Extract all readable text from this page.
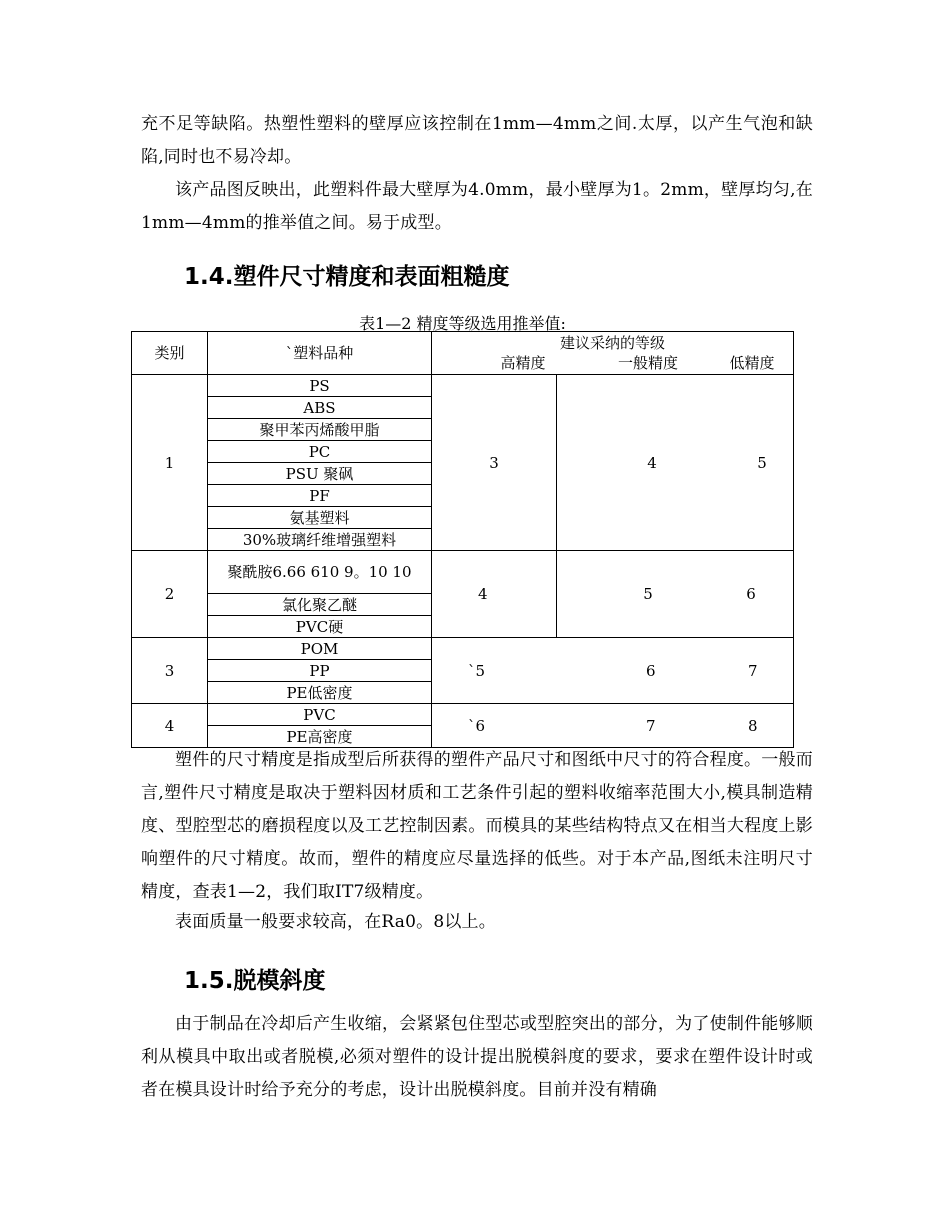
充不足等缺陷。热塑性塑料的壁厚应该控制在1mm—4mm之间.太厚，以产生气泡和缺陷,同时也不易冷却。

该产品图反映出，此塑料件最大壁厚为4.0mm，最小壁厚为1。2mm，壁厚均匀,在1mm—4mm的推举值之间。易于成型。

1.4.塑件尺寸精度和表面粗糙度

表1—2 精度等级选用推举值:

类别	`塑料品种	建议采纳的等级
高精度 一般精度 低精度	

1	PS	3	4 5

	ABS		
	聚甲苯丙烯酸甲脂		
	PC		
	PSU 聚砜		
	PF		
	氨基塑料		
	30%玻璃纤维增强塑料		
2	聚酰胺6.66 610 9。10 10	4	5 6

	氯化聚乙醚		
	PVC硬		
3	POM	`5 6 7	

	PP		
	PE低密度		
4	PVC	`6 7 8	

	PE高密度		

塑件的尺寸精度是指成型后所获得的塑件产品尺寸和图纸中尺寸的符合程度。一般而言,塑件尺寸精度是取决于塑料因材质和工艺条件引起的塑料收缩率范围大小,模具制造精度、型腔型芯的磨损程度以及工艺控制因素。而模具的某些结构特点又在相当大程度上影响塑件的尺寸精度。故而，塑件的精度应尽量选择的低些。对于本产品,图纸未注明尺寸精度，查表1—2，我们取IT7级精度。

表面质量一般要求较高，在Ra0。8以上。

1.5.脱模斜度

由于制品在冷却后产生收缩，会紧紧包住型芯或型腔突出的部分，为了使制件能够顺利从模具中取出或者脱模,必须对塑件的设计提出脱模斜度的要求，要求在塑件设计时或者在模具设计时给予充分的考虑，设计出脱模斜度。目前并没有精确
